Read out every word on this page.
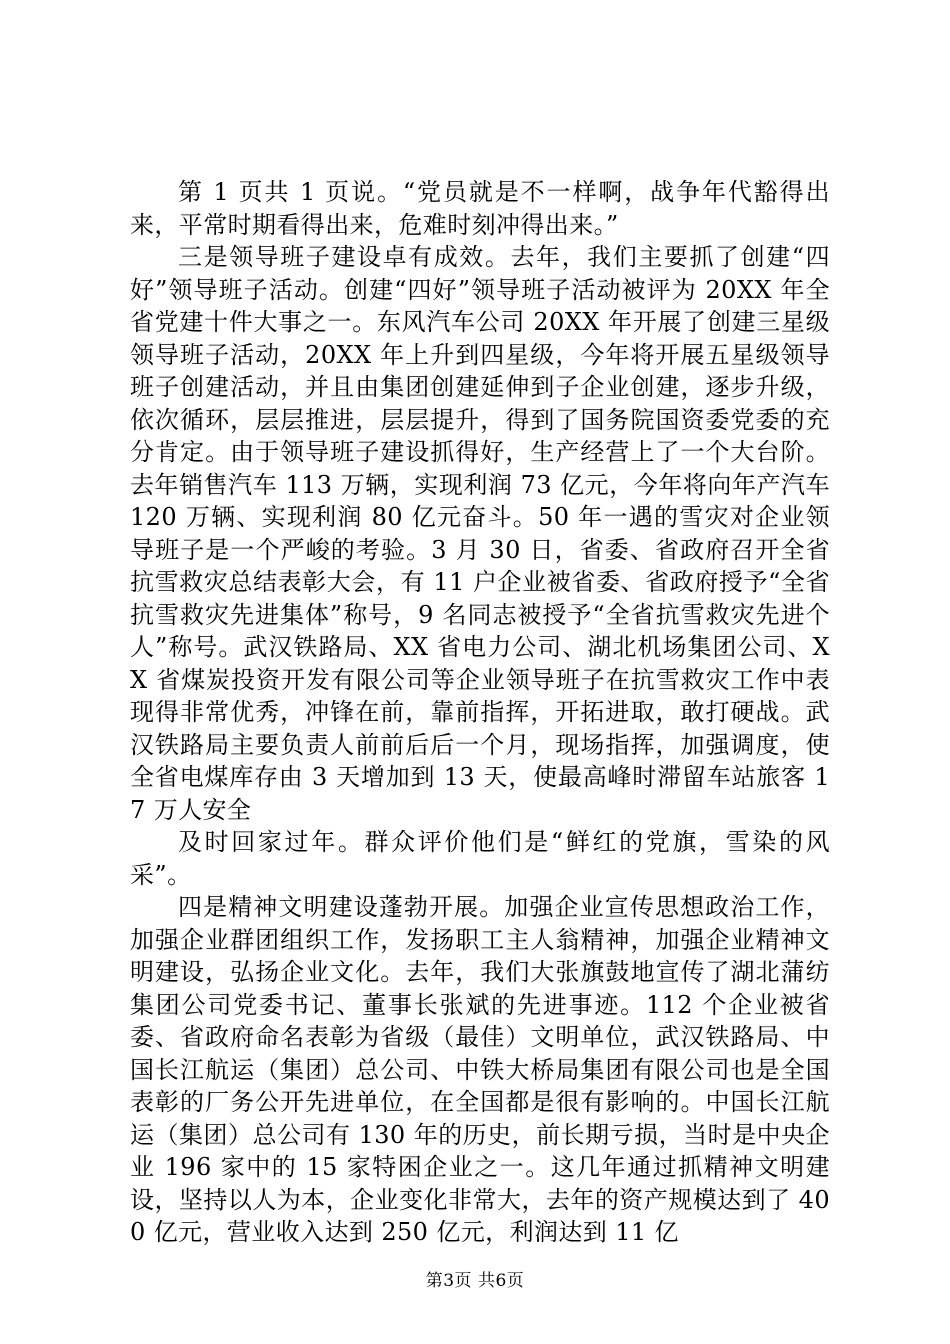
第 1 页共 1 页说。“党员就是不一样啊，战争年代豁得出来，平常时期看得出来，危难时刻冲得出来。”

三是领导班子建设卓有成效。去年，我们主要抓了创建“四好”领导班子活动。创建“四好”领导班子活动被评为 20XX 年全省党建十件大事之一。东风汽车公司 20XX 年开展了创建三星级领导班子活动，20XX 年上升到四星级，今年将开展五星级领导班子创建活动，并且由集团创建延伸到子企业创建，逐步升级，依次循环，层层推进，层层提升，得到了国务院国资委党委的充分肯定。由于领导班子建设抓得好，生产经营上了一个大台阶。去年销售汽车 113 万辆，实现利润 73 亿元，今年将向年产汽车 120 万辆、实现利润 80 亿元奋斗。50 年一遇的雪灾对企业领导班子是一个严峻的考验。3 月 30 日，省委、省政府召开全省抗雪救灾总结表彰大会，有 11 户企业被省委、省政府授予“全省抗雪救灾先进集体”称号，9 名同志被授予“全省抗雪救灾先进个人”称号。武汉铁路局、XX 省电力公司、湖北机场集团公司、XX 省煤炭投资开发有限公司等企业领导班子在抗雪救灾工作中表现得非常优秀，冲锋在前，靠前指挥，开拓进取，敢打硬战。武汉铁路局主要负责人前前后后一个月，现场指挥，加强调度，使全省电煤库存由 3 天增加到 13 天，使最高峰时滞留车站旅客 17 万人安全

及时回家过年。群众评价他们是“鲜红的党旗，雪染的风采”。

四是精神文明建设蓬勃开展。加强企业宣传思想政治工作，加强企业群团组织工作，发扬职工主人翁精神，加强企业精神文明建设，弘扬企业文化。去年，我们大张旗鼓地宣传了湖北蒲纺集团公司党委书记、董事长张斌的先进事迹。112 个企业被省委、省政府命名表彰为省级（最佳）文明单位，武汉铁路局、中国长江航运（集团）总公司、中铁大桥局集团有限公司也是全国表彰的厂务公开先进单位，在全国都是很有影响的。中国长江航运（集团）总公司有 130 年的历史，前长期亏损，当时是中央企业 196 家中的 15 家特困企业之一。这几年通过抓精神文明建设，坚持以人为本，企业变化非常大，去年的资产规模达到了 400 亿元，营业收入达到 250 亿元，利润达到 11 亿

第3页 共6页
